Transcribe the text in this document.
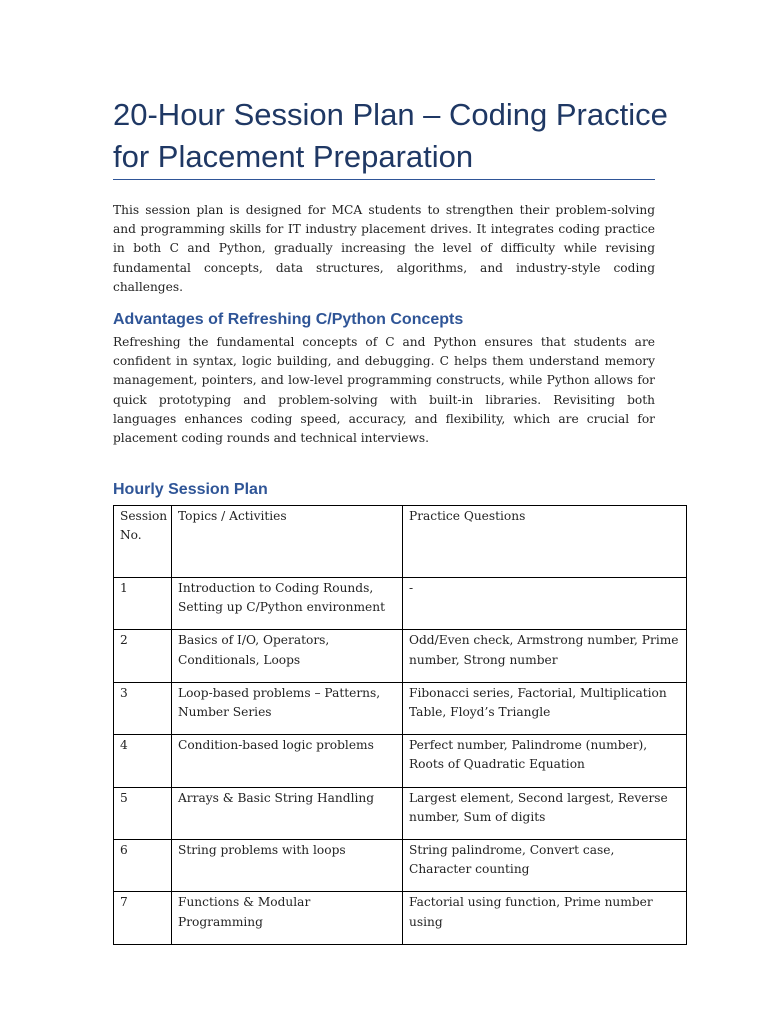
20-Hour Session Plan – Coding Practice for Placement Preparation

This session plan is designed for MCA students to strengthen their problem-solving and programming skills for IT industry placement drives. It integrates coding practice in both C and Python, gradually increasing the level of difficulty while revising fundamental concepts, data structures, algorithms, and industry-style coding challenges.

Advantages of Refreshing C/Python Concepts

Refreshing the fundamental concepts of C and Python ensures that students are confident in syntax, logic building, and debugging. C helps them understand memory management, pointers, and low-level programming constructs, while Python allows for quick prototyping and problem-solving with built-in libraries. Revisiting both languages enhances coding speed, accuracy, and flexibility, which are crucial for placement coding rounds and technical interviews.

Hourly Session Plan
Session No.	Topics / Activities	Practice Questions
1	Introduction to Coding Rounds, Setting up C/Python environment	-
2	Basics of I/O, Operators, Conditionals, Loops	Odd/Even check, Armstrong number, Prime number, Strong number
3	Loop-based problems – Patterns, Number Series	Fibonacci series, Factorial, Multiplication Table, Floyd’s Triangle
4	Condition-based logic problems	Perfect number, Palindrome (number), Roots of Quadratic Equation
5	Arrays & Basic String Handling	Largest element, Second largest, Reverse number, Sum of digits
6	String problems with loops	String palindrome, Convert case, Character counting
7	Functions & Modular Programming	Factorial using function, Prime number using
